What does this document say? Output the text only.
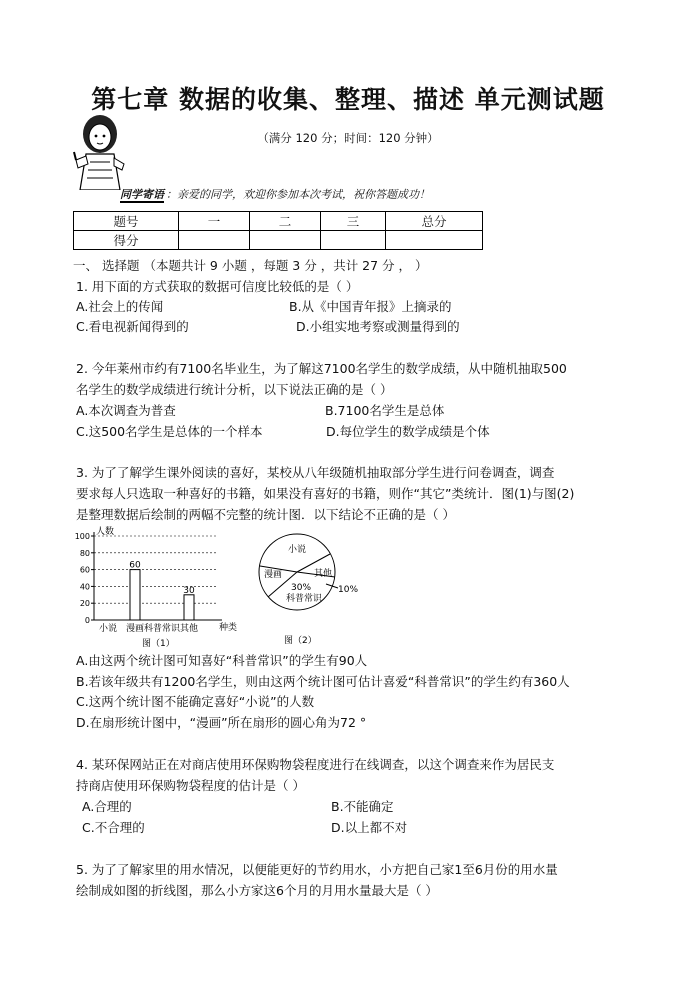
第七章 数据的收集、整理、描述 单元测试题
（满分 120 分；时间：120 分钟）
同学寄语 ：亲爱的同学，欢迎你参加本次考试，祝你答题成功！
题号	一	二	三	总分
得分				
一、 选择题 （本题共计 9 小题 ，每题 3 分 ，共计 27 分 ， ）
1. 用下面的方式获取的数据可信度比较低的是（ ）
A.社会上的传闻	B.从《中国青年报》上摘录的
C.看电视新闻得到的	D.小组实地考察或测量得到的
2. 今年莱州市约有7100名毕业生，为了解这7100名学生的数学成绩，从中随机抽取500
名学生的数学成绩进行统计分析，以下说法正确的是（ ）
A.本次调查为普查	B.7100名学生是总体
C.这500名学生是总体的一个样本	D.每位学生的数学成绩是个体
3. 为了了解学生课外阅读的喜好，某校从八年级随机抽取部分学生进行问卷调查，调查
要求每人只选取一种喜好的书籍，如果没有喜好的书籍，则作“其它”类统计．图(1)与图(2)
是整理数据后绘制的两幅不完整的统计图．以下结论不正确的是（ ）
人数
种类
图（1）
0
20
40
60
80
100
小说 漫画
60
科普常识 其他
30
小说
漫画	其他
30%
科普常识
10%
图（2）
A.由这两个统计图可知喜好“科普常识”的学生有90人
B.若该年级共有1200名学生，则由这两个统计图可估计喜爱“科普常识”的学生约有360人
C.这两个统计图不能确定喜好“小说”的人数
D.在扇形统计图中，“漫画”所在扇形的圆心角为72 °
4. 某环保网站正在对商店使用环保购物袋程度进行在线调查，以这个调查来作为居民支
持商店使用环保购物袋程度的估计是（ ）
A.合理的	B.不能确定
C.不合理的	D.以上都不对
5. 为了了解家里的用水情况，以便能更好的节约用水，小方把自己家1至6月份的用水量
绘制成如图的折线图，那么小方家这6个月的月用水量最大是（ ）
